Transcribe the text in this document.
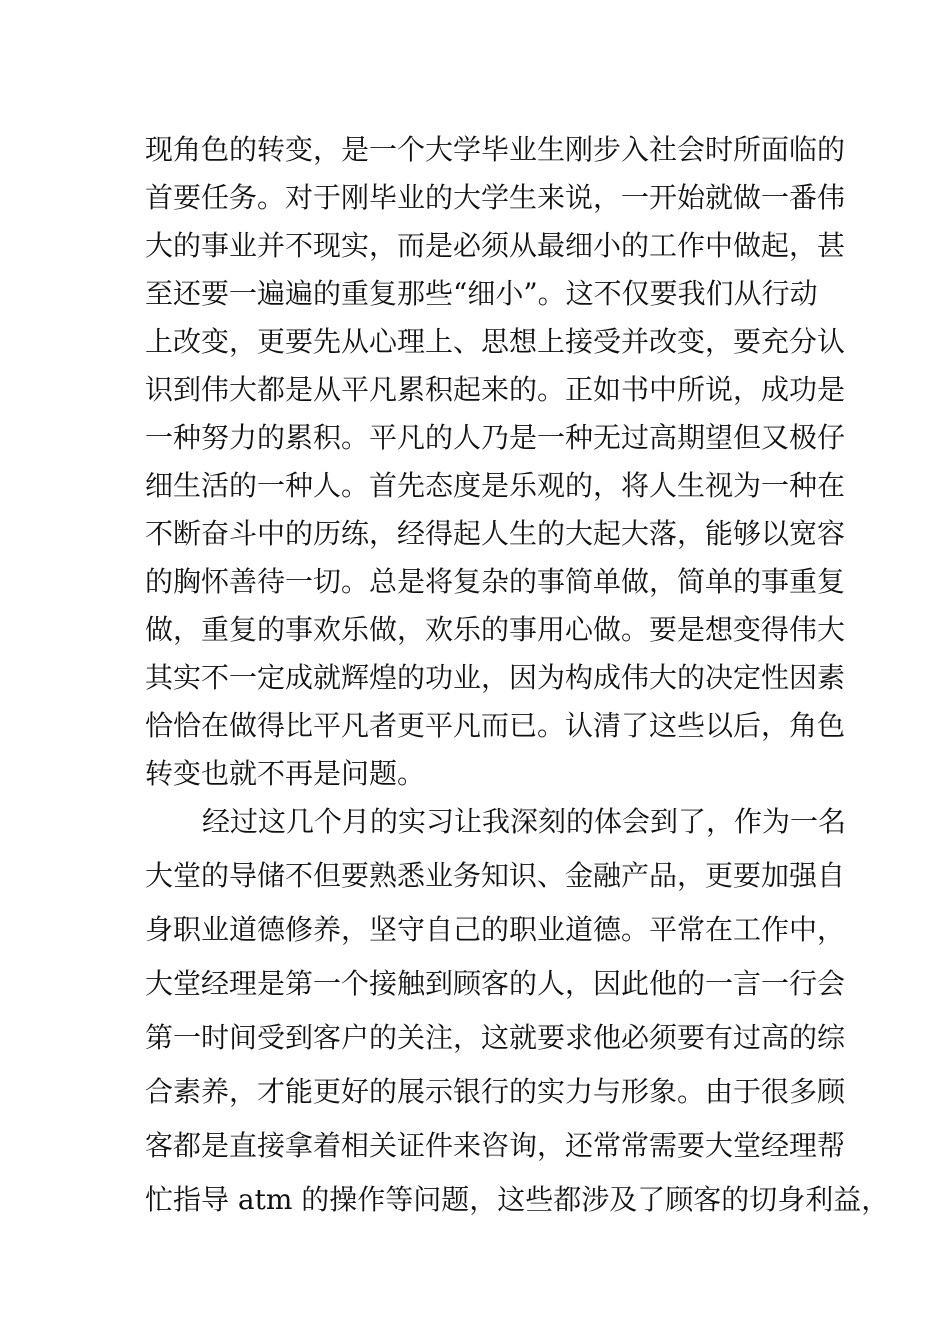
现角色的转变，是一个大学毕业生刚步入社会时所面临的
首要任务。对于刚毕业的大学生来说，一开始就做一番伟
大的事业并不现实，而是必须从最细小的工作中做起，甚
至还要一遍遍的重复那些“细小”。这不仅要我们从行动
上改变，更要先从心理上、思想上接受并改变，要充分认
识到伟大都是从平凡累积起来的。正如书中所说，成功是
一种努力的累积。平凡的人乃是一种无过高期望但又极仔
细生活的一种人。首先态度是乐观的，将人生视为一种在
不断奋斗中的历练，经得起人生的大起大落，能够以宽容
的胸怀善待一切。总是将复杂的事简单做，简单的事重复
做，重复的事欢乐做，欢乐的事用心做。要是想变得伟大
其实不一定成就辉煌的功业，因为构成伟大的决定性因素
恰恰在做得比平凡者更平凡而已。认清了这些以后，角色
转变也就不再是问题。
经过这几个月的实习让我深刻的体会到了，作为一名
大堂的导储不但要熟悉业务知识、金融产品，更要加强自
身职业道德修养，坚守自己的职业道德。平常在工作中，
大堂经理是第一个接触到顾客的人，因此他的一言一行会
第一时间受到客户的关注，这就要求他必须要有过高的综
合素养，才能更好的展示银行的实力与形象。由于很多顾
客都是直接拿着相关证件来咨询，还常常需要大堂经理帮
忙指导 atm 的操作等问题，这些都涉及了顾客的切身利益，
